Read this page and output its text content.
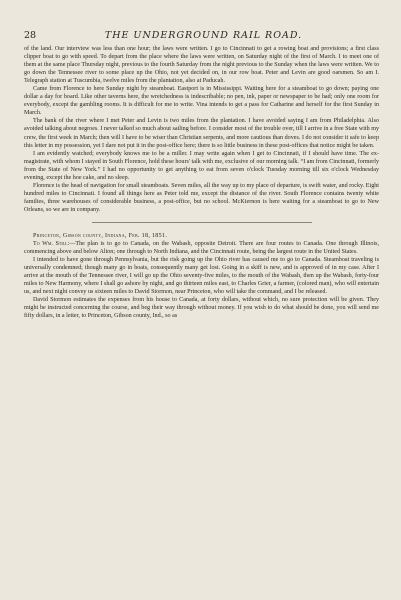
28	THE UNDERGROUND RAIL ROAD.

of the land. Our interview was less than one hour; the laws were written. I go to Cincinnati to get a rowing boat and provisions; a first class clipper boat to go with speed. To depart from the place where the laws were written, on Saturday night of the first of March. I to meet one of them at the same place Thursday night, previous to the fourth Saturday from the night previous to the Sunday when the laws were written. We to go down the Tennessee river to some place up the Ohio, not yet decided on, in our row boat. Peter and Levin are good oarsmen. So am I. Telegraph station at Tuscumbia, twelve miles from the plantation, also at Paducah.

Came from Florence to here Sunday night by steamboat. Eastport is in Mississippi. Waiting here for a steamboat to go down; paying one dollar a day for board. Like other taverns here, the wretchedness is indescribable; no pen, ink, paper or newspaper to be had; only one room for everybody, except the gambling rooms. It is difficult for me to write. Vina intends to get a pass for Catharine and herself for the first Sunday in March.

The bank of the river where I met Peter and Levin is two miles from the plantation. I have avoided saying I am from Philadelphia. Also avoided talking about negroes. I never talked so much about sailing before. I consider most of the trouble over, till I arrive in a free State with my crew, the first week in March; then will I have to be wiser than Christian serpents, and more cautious than doves. I do not consider it safe to keep this letter in my possession, yet I dare not put it in the post-office here; there is so little business in these post-offices that notice might be taken.

I am evidently watched; everybody knows me to be a miller. I may write again when I get to Cincinnati, if I should have time. The ex-magistrate, with whom I stayed in South Florence, hold these hours' talk with me, exclusive of our morning talk. “I am from Cincinnati, formerly from the State of New York.” I had no opportunity to get anything to eat from seven o'clock Tuesday morning till six o'clock Wednesday evening, except the hoe cake, and no sleep.

Florence is the head of navigation for small steamboats. Seven miles, all the way up to my place of departure, is swift water, and rocky. Eight hundred miles to Cincinnati. I found all things here as Peter told me, except the distance of the river. South Florence contains twenty white families, three warehouses of considerable business, a post-office, but no school. McKiernon is here waiting for a steamboat to go to New Orleans, so we are in company.

Princeton, Gibson county, Indiana, Feb. 18, 1851.

To Wm. Still:—The plan is to go to Canada, on the Wabash, opposite Detroit. There are four routes to Canada. One through Illinois, commencing above and below Alton; one through to North Indiana, and the Cincinnati route, being the largest route in the United States.

I intended to have gone through Pennsylvania, but the risk going up the Ohio river has caused me to go to Canada. Steamboat traveling is universally condemned; though many go in boats, consequently many get lost. Going in a skiff is new, and is approved of in my case. After I arrive at the mouth of the Tennessee river, I will go up the Ohio seventy-five miles, to the mouth of the Wabash, then up the Wabash, forty-four miles to New Harmony, where I shall go ashore by night, and go thirteen miles east, to Charles Grier, a farmer, (colored man), who will entertain us, and next night convey us sixteen miles to David Stormon, near Princeton, who will take the command, and I be released.

David Stormon estimates the expenses from his house to Canada, at forty dollars, without which, no sure protection will be given. They might be instructed concerning the course, and beg their way through without money. If you wish to do what should be done, you will send me fifty dollars, in a letter, to Princeton, Gibson county, Ind., so as
